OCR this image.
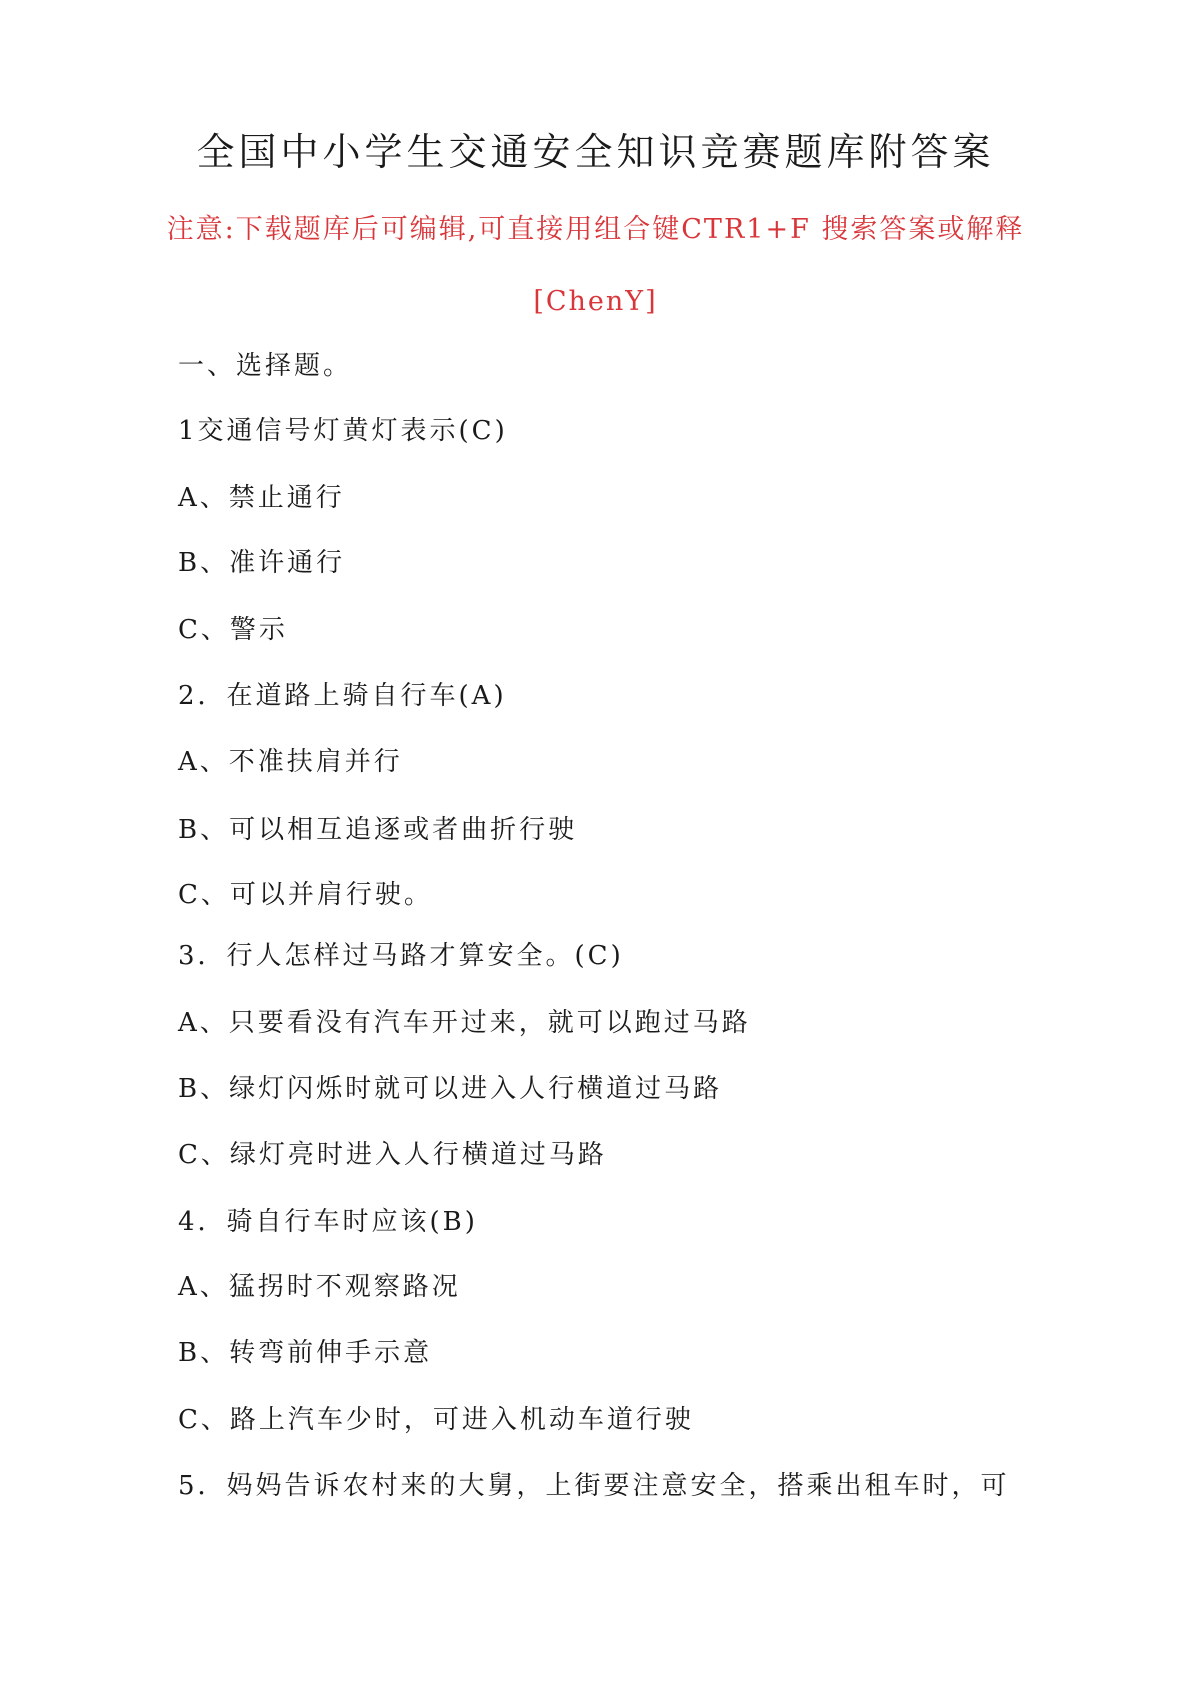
全国中小学生交通安全知识竞赛题库附答案
注意:下载题库后可编辑,可直接用组合键CTR1+F 搜索答案或解释
[ChenY]
一、选择题。
1交通信号灯黄灯表示(C)
A、禁止通行
B、准许通行
C、警示
2．在道路上骑自行车(A)
A、不准扶肩并行
B、可以相互追逐或者曲折行驶
C、可以并肩行驶。
3．行人怎样过马路才算安全。(C)
A、只要看没有汽车开过来，就可以跑过马路
B、绿灯闪烁时就可以进入人行横道过马路
C、绿灯亮时进入人行横道过马路
4．骑自行车时应该(B)
A、猛拐时不观察路况
B、转弯前伸手示意
C、路上汽车少时，可进入机动车道行驶
5．妈妈告诉农村来的大舅，上街要注意安全，搭乘出租车时，可
